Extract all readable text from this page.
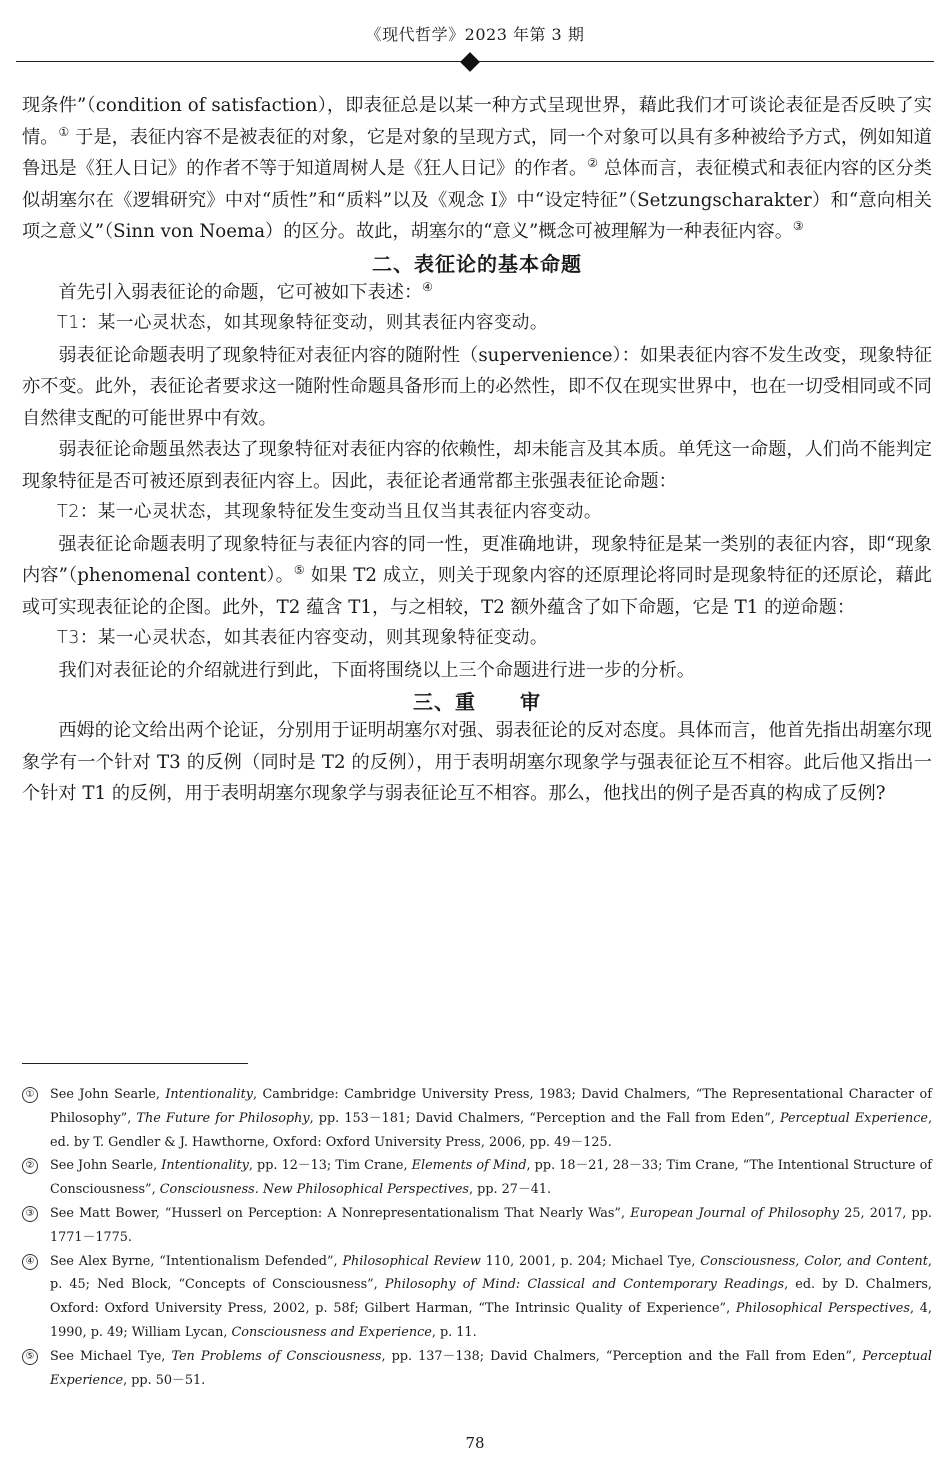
《现代哲学》2023 年第 3 期

现条件”（condition of satisfaction），即表征总是以某一种方式呈现世界，藉此我们才可谈论表征是否反映了实情。① 于是，表征内容不是被表征的对象，它是对象的呈现方式，同一个对象可以具有多种被给予方式，例如知道鲁迅是《狂人日记》的作者不等于知道周树人是《狂人日记》的作者。② 总体而言，表征模式和表征内容的区分类似胡塞尔在《逻辑研究》中对“质性”和“质料”以及《观念 I》中“设定特征”（Setzungscharakter）和“意向相关项之意义”（Sinn von Noema）的区分。故此，胡塞尔的“意义”概念可被理解为一种表征内容。③

二、表征论的基本命题

首先引入弱表征论的命题，它可被如下表述：④

T1：某一心灵状态，如其现象特征变动，则其表征内容变动。

弱表征论命题表明了现象特征对表征内容的随附性（supervenience）：如果表征内容不发生改变，现象特征亦不变。此外，表征论者要求这一随附性命题具备形而上的必然性，即不仅在现实世界中，也在一切受相同或不同自然律支配的可能世界中有效。

弱表征论命题虽然表达了现象特征对表征内容的依赖性，却未能言及其本质。单凭这一命题，人们尚不能判定现象特征是否可被还原到表征内容上。因此，表征论者通常都主张强表征论命题：

T2：某一心灵状态，其现象特征发生变动当且仅当其表征内容变动。

强表征论命题表明了现象特征与表征内容的同一性，更准确地讲，现象特征是某一类别的表征内容，即“现象内容”（phenomenal content）。⑤ 如果 T2 成立，则关于现象内容的还原理论将同时是现象特征的还原论，藉此或可实现表征论的企图。此外，T2 蕴含 T1，与之相较，T2 额外蕴含了如下命题，它是 T1 的逆命题：

T3：某一心灵状态，如其表征内容变动，则其现象特征变动。

我们对表征论的介绍就进行到此，下面将围绕以上三个命题进行进一步的分析。

三、重 审

西姆的论文给出两个论证，分别用于证明胡塞尔对强、弱表征论的反对态度。具体而言，他首先指出胡塞尔现象学有一个针对 T3 的反例（同时是 T2 的反例），用于表明胡塞尔现象学与强表征论互不相容。此后他又指出一个针对 T1 的反例，用于表明胡塞尔现象学与弱表征论互不相容。那么，他找出的例子是否真的构成了反例?

① See John Searle, Intentionality, Cambridge: Cambridge University Press, 1983; David Chalmers, “The Representational Character of Philosophy”, The Future for Philosophy, pp. 153－181; David Chalmers, “Perception and the Fall from Eden”, Perceptual Experience, ed. by T. Gendler & J. Hawthorne, Oxford: Oxford University Press, 2006, pp. 49－125.
② See John Searle, Intentionality, pp. 12－13; Tim Crane, Elements of Mind, pp. 18－21, 28－33; Tim Crane, “The Intentional Structure of Consciousness”, Consciousness. New Philosophical Perspectives, pp. 27－41.
③ See Matt Bower, “Husserl on Perception: A Nonrepresentationalism That Nearly Was”, European Journal of Philosophy 25, 2017, pp. 1771－1775.
④ See Alex Byrne, “Intentionalism Defended”, Philosophical Review 110, 2001, p. 204; Michael Tye, Consciousness, Color, and Content, p. 45; Ned Block, “Concepts of Consciousness”, Philosophy of Mind: Classical and Contemporary Readings, ed. by D. Chalmers, Oxford: Oxford University Press, 2002, p. 58f; Gilbert Harman, “The Intrinsic Quality of Experience”, Philosophical Perspectives, 4, 1990, p. 49; William Lycan, Consciousness and Experience, p. 11.
⑤ See Michael Tye, Ten Problems of Consciousness, pp. 137－138; David Chalmers, “Perception and the Fall from Eden”, Perceptual Experience, pp. 50－51.
78
